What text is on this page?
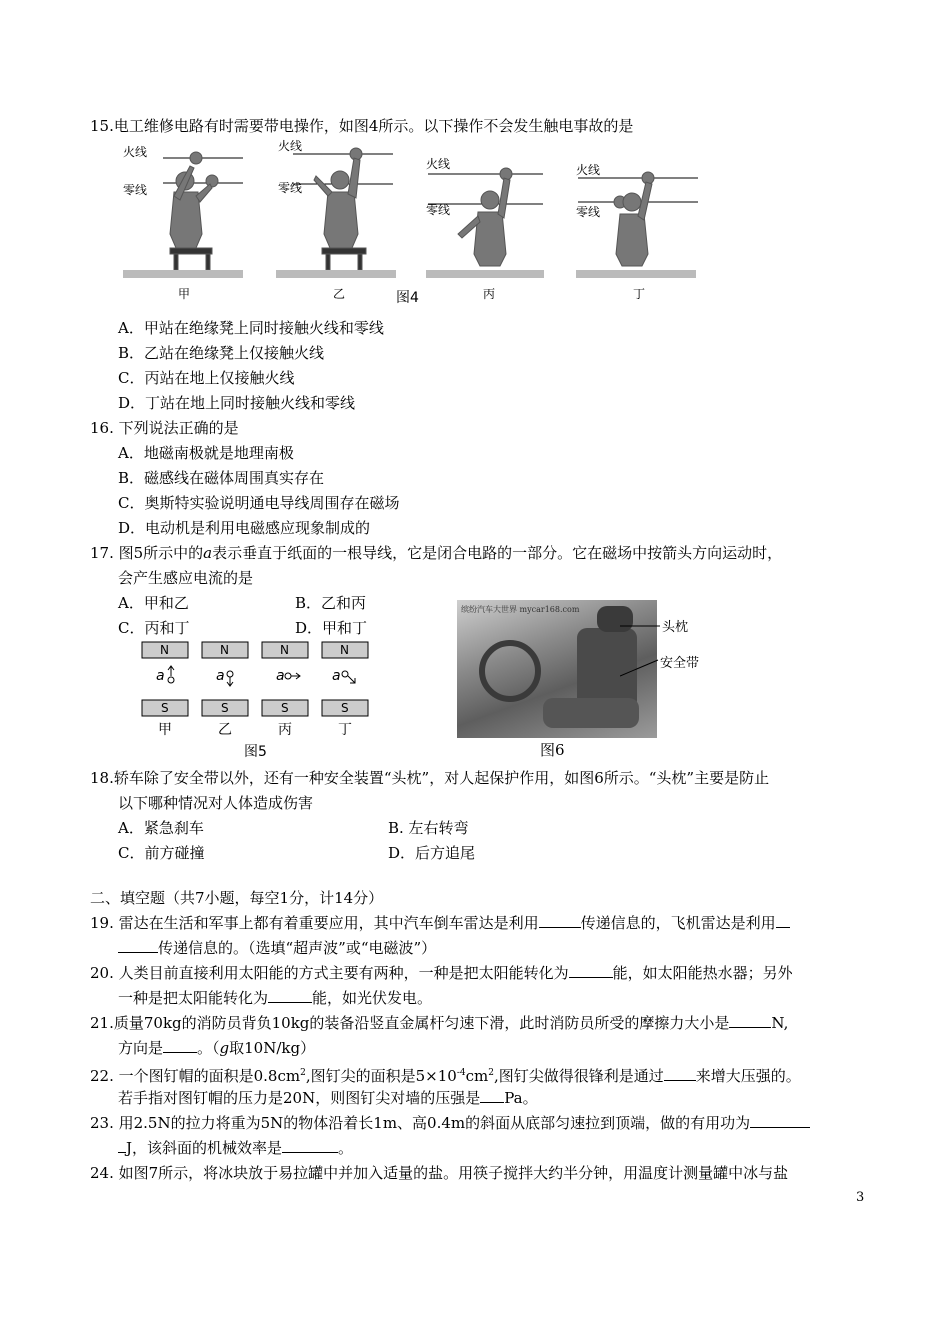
15.电工维修电路有时需要带电操作，如图4所示。以下操作不会发生触电事故的是
火线
零线
甲
火线
零线
乙	图4
火线
零线
丙
火线
零线
丁
A．甲站在绝缘凳上同时接触火线和零线
B．乙站在绝缘凳上仅接触火线
C．丙站在地上仅接触火线
D．丁站在地上同时接触火线和零线
16. 下列说法正确的是
A．地磁南极就是地理南极
B．磁感线在磁体周围真实存在
C．奥斯特实验说明通电导线周围存在磁场
D．电动机是利用电磁感应现象制成的
17. 图5所示中的a表示垂直于纸面的一根导线，它是闭合电路的一部分。它在磁场中按箭头方向运动时，
会产生感应电流的是
A．甲和乙	B．乙和丙
C．丙和丁	D．甲和丁
N	N	N	N
a	a	a	a
S	S	S	S
甲	乙	丙	丁
图5
缤纷汽车大世界 mycar168.com
头枕
安全带
图6
18.轿车除了安全带以外，还有一种安全装置“头枕”，对人起保护作用，如图6所示。“头枕”主要是防止
以下哪种情况对人体造成伤害
A．紧急刹车	B. 左右转弯
C．前方碰撞	D．后方追尾
二、填空题（共7小题，每空1分，计14分）
19. 雷达在生活和军事上都有着重要应用，其中汽车倒车雷达是利用	传递信息的，飞机雷达是利用
传递信息的。（选填“超声波”或“电磁波”）
20. 人类目前直接利用太阳能的方式主要有两种，一种是把太阳能转化为	能，如太阳能热水器；另外
一种是把太阳能转化为	能，如光伏发电。
21.质量70kg的消防员背负10kg的装备沿竖直金属杆匀速下滑，此时消防员所受的摩擦力大小是	N,
方向是 。（g取10N/kg）
22. 一个图钉帽的面积是$0.8cm^2$,图钉尖的面积是$5\times 10^{-4}cm^2$,图钉尖做得很锋利是通过 来增大压强的。
若手指对图钉帽的压力是20N，则图钉尖对墙的压强是 Pa。
23. 用2.5N的拉力将重为5N的物体沿着长1m、高0.4m的斜面从底部匀速拉到顶端，做的有用功为
J，该斜面的机械效率是	。
24. 如图7所示，将冰块放于易拉罐中并加入适量的盐。用筷子搅拌大约半分钟，用温度计测量罐中冰与盐
3
